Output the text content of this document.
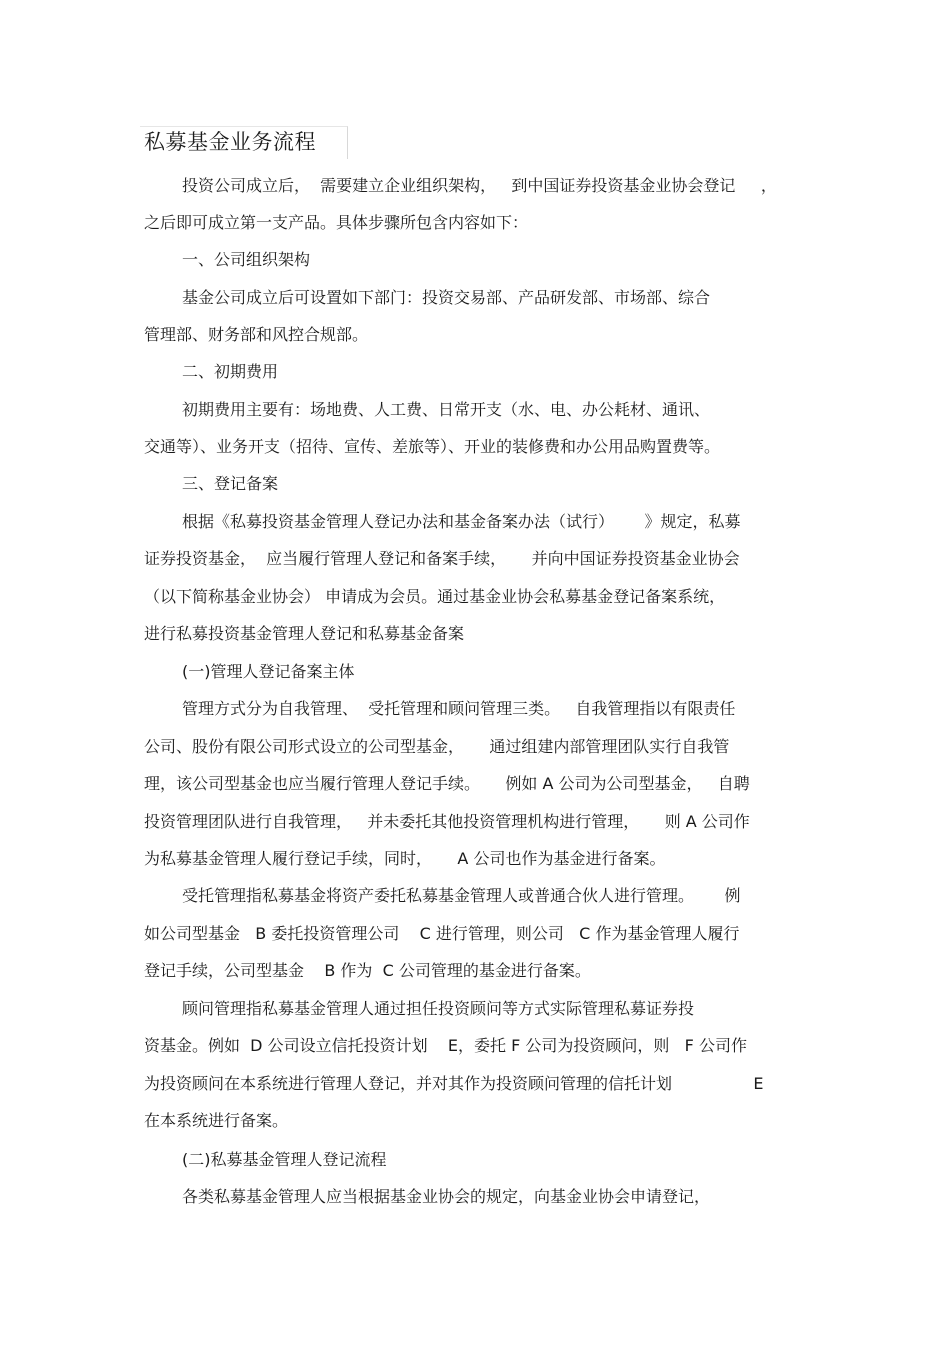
私募基金业务流程
投资公司成立后，  需要建立企业组织架构，   到中国证券投资基金业协会登记     ，
之后即可成立第一支产品。具体步骤所包含内容如下：
一、公司组织架构
基金公司成立后可设置如下部门：投资交易部、产品研发部、市场部、综合
管理部、财务部和风控合规部。
二、初期费用
初期费用主要有：场地费、人工费、日常开支（水、电、办公耗材、通讯、
交通等）、业务开支（招待、宣传、差旅等）、开业的装修费和办公用品购置费等。
三、登记备案
根据《私募投资基金管理人登记办法和基金备案办法（试行）      》规定，私募
证券投资基金，  应当履行管理人登记和备案手续，     并向中国证券投资基金业协会
（以下简称基金业协会） 申请成为会员。通过基金业协会私募基金登记备案系统，
进行私募投资基金管理人登记和私募基金备案
(一)管理人登记备案主体
管理方式分为自我管理、  受托管理和顾问管理三类。   自我管理指以有限责任
公司、股份有限公司形式设立的公司型基金，     通过组建内部管理团队实行自我管
理，该公司型基金也应当履行管理人登记手续。     例如 A 公司为公司型基金，   自聘
投资管理团队进行自我管理，   并未委托其他投资管理机构进行管理，     则 A 公司作
为私募基金管理人履行登记手续，同时，     A 公司也作为基金进行备案。
受托管理指私募基金将资产委托私募基金管理人或普通合伙人进行管理。      例
如公司型基金   B 委托投资管理公司    C 进行管理，则公司   C 作为基金管理人履行
登记手续，公司型基金    B 作为  C 公司管理的基金进行备案。
顾问管理指私募基金管理人通过担任投资顾问等方式实际管理私募证券投
资基金。例如  D 公司设立信托投资计划    E，委托 F 公司为投资顾问，则   F 公司作
为投资顾问在本系统进行管理人登记，并对其作为投资顾问管理的信托计划                E
在本系统进行备案。
(二)私募基金管理人登记流程
各类私募基金管理人应当根据基金业协会的规定，向基金业协会申请登记，
